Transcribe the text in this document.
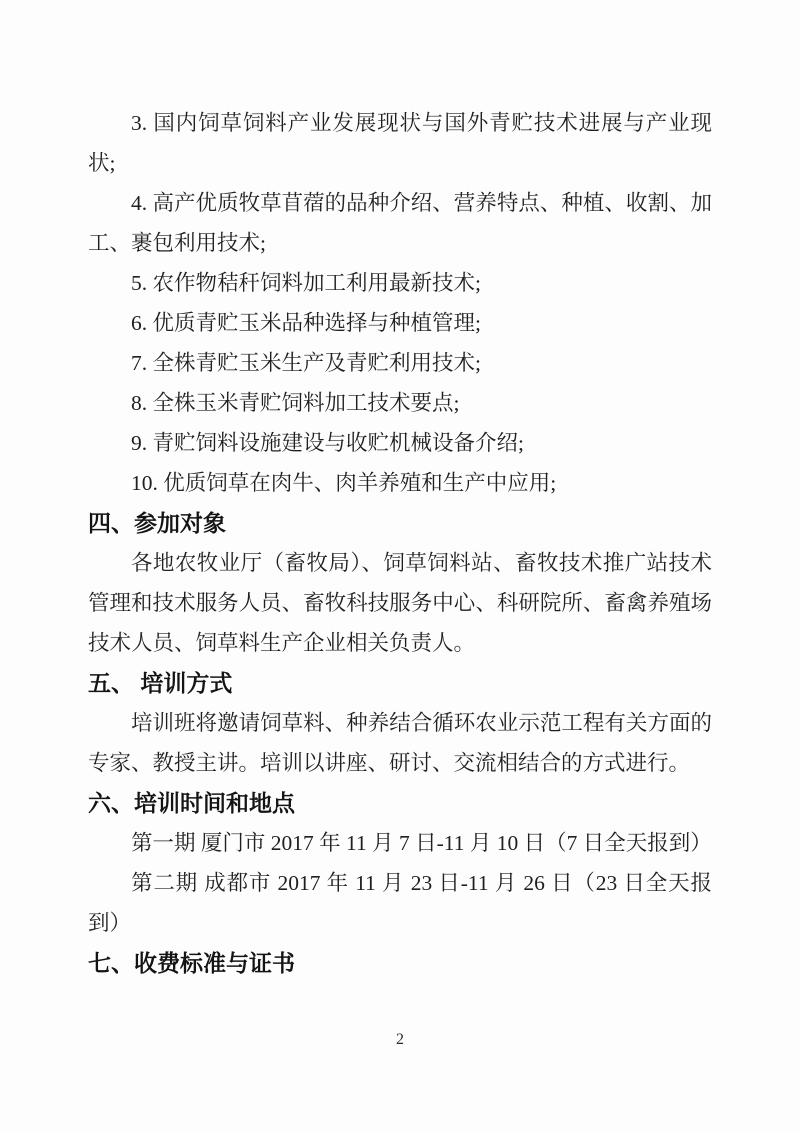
3. 国内饲草饲料产业发展现状与国外青贮技术进展与产业现状;

4. 高产优质牧草苜蓿的品种介绍、营养特点、种植、收割、加工、裹包利用技术;

5. 农作物秸秆饲料加工利用最新技术;

6. 优质青贮玉米品种选择与种植管理;

7. 全株青贮玉米生产及青贮利用技术;

8. 全株玉米青贮饲料加工技术要点;

9. 青贮饲料设施建设与收贮机械设备介绍;

10. 优质饲草在肉牛、肉羊养殖和生产中应用;

四、参加对象

各地农牧业厅（畜牧局）、饲草饲料站、畜牧技术推广站技术管理和技术服务人员、畜牧科技服务中心、科研院所、畜禽养殖场技术人员、饲草料生产企业相关负责人。

五、 培训方式

培训班将邀请饲草料、种养结合循环农业示范工程有关方面的专家、教授主讲。培训以讲座、研讨、交流相结合的方式进行。

六、培训时间和地点

第一期 厦门市 2017 年 11 月 7 日-11 月 10 日（7 日全天报到）

第二期 成都市 2017 年 11 月 23 日-11 月 26 日（23 日全天报到）

七、收费标准与证书
2
